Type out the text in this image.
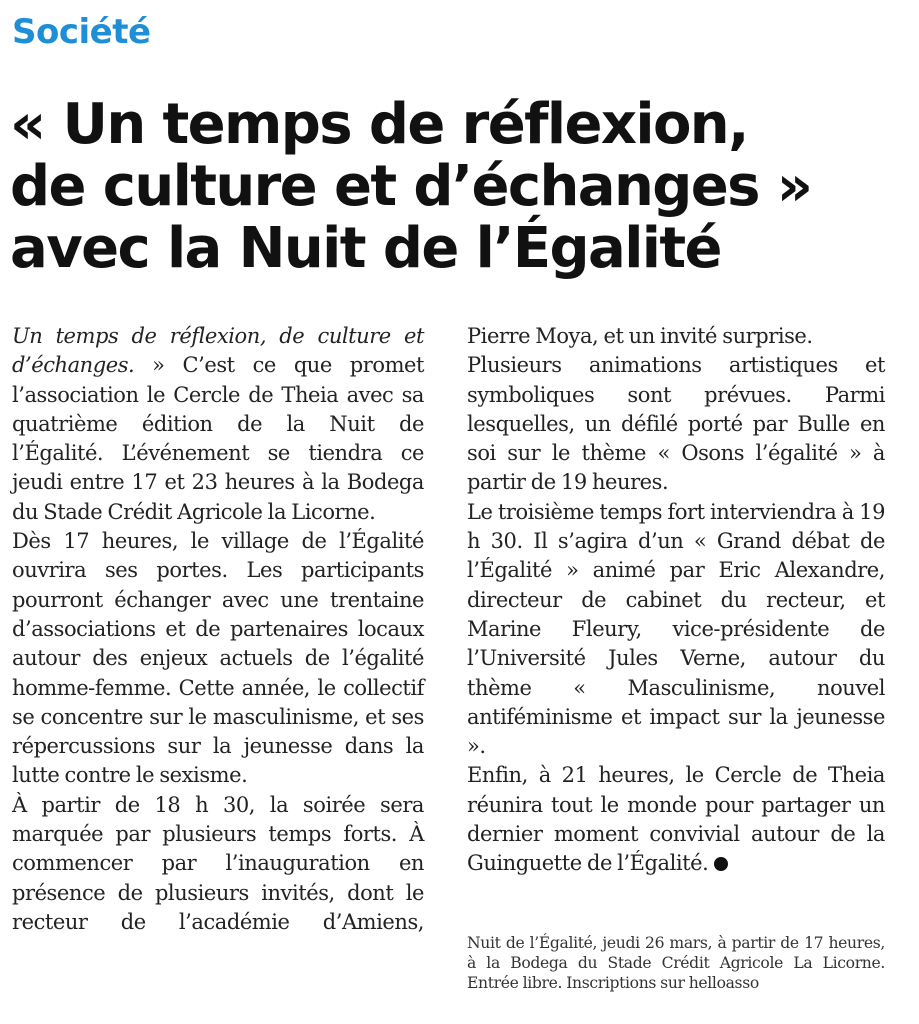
Société
« Un temps de réflexion,
de culture et d’échanges »
avec la Nuit de l’Égalité

Un temps de réflexion, de culture et d’échanges. » C’est ce que promet l’association le Cercle de Theia avec sa quatrième édition de la Nuit de l’Égalité. L’événement se tiendra ce jeudi entre 17 et 23 heures à la Bodega du Stade Crédit Agricole la Licorne.

Dès 17 heures, le village de l’Égalité ouvrira ses portes. Les participants pourront échanger avec une trentaine d’associations et de partenaires locaux autour des enjeux actuels de l’égalité homme-femme. Cette année, le collectif se concentre sur le masculinisme, et ses répercussions sur la jeunesse dans la lutte contre le sexisme.

À partir de 18 h 30, la soirée sera marquée par plusieurs temps forts. À commencer par l’inauguration en présence de plusieurs invités, dont le recteur de l’académie d’Amiens,

Pierre Moya, et un invité surprise.

Plusieurs animations artistiques et symboliques sont prévues. Parmi lesquelles, un défilé porté par Bulle en soi sur le thème « Osons l’égalité » à partir de 19 heures.

Le troisième temps fort interviendra à 19 h 30. Il s’agira d’un « Grand débat de l’Égalité » animé par Eric Alexandre, directeur de cabinet du recteur, et Marine Fleury, vice-présidente de l’Université Jules Verne, autour du thème « Masculinisme, nouvel antiféminisme et impact sur la jeunesse ».

Enfin, à 21 heures, le Cercle de Theia réunira tout le monde pour partager un dernier moment convivial autour de la Guinguette de l’Égalité.

Nuit de l’Égalité, jeudi 26 mars, à partir de 17 heures, à la Bodega du Stade Crédit Agricole La Licorne. Entrée libre. Inscriptions sur helloasso
